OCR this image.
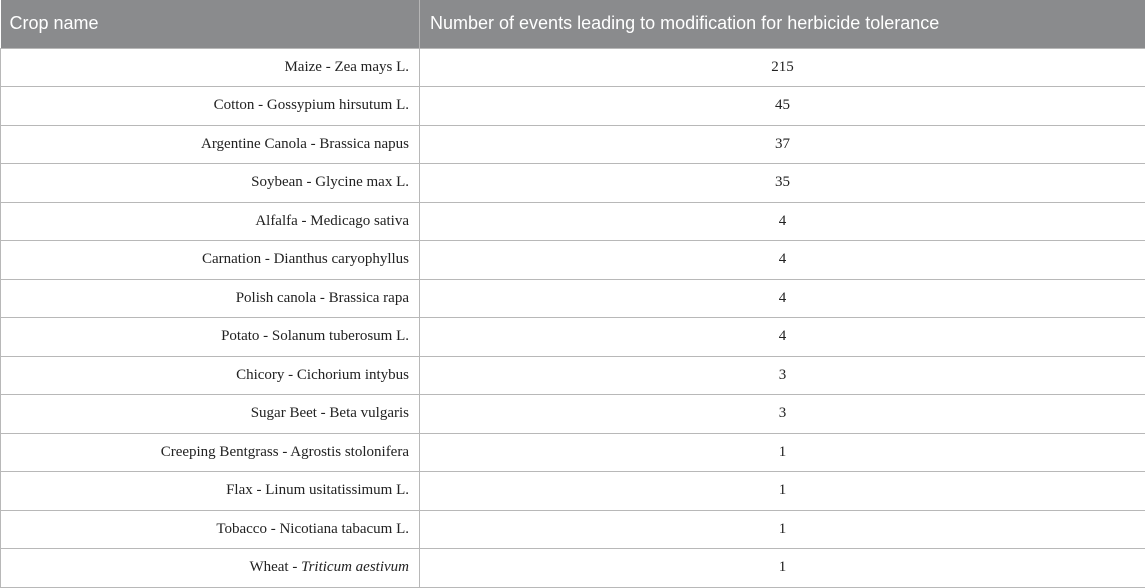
Crop name	Number of events leading to modification for herbicide tolerance
Maize - Zea mays L.	215
Cotton - Gossypium hirsutum L.	45
Argentine Canola - Brassica napus	37
Soybean - Glycine max L.	35
Alfalfa - Medicago sativa	4
Carnation - Dianthus caryophyllus	4
Polish canola - Brassica rapa	4
Potato - Solanum tuberosum L.	4
Chicory - Cichorium intybus	3
Sugar Beet - Beta vulgaris	3
Creeping Bentgrass - Agrostis stolonifera	1
Flax - Linum usitatissimum L.	1
Tobacco - Nicotiana tabacum L.	1
Wheat - Triticum aestivum	1
